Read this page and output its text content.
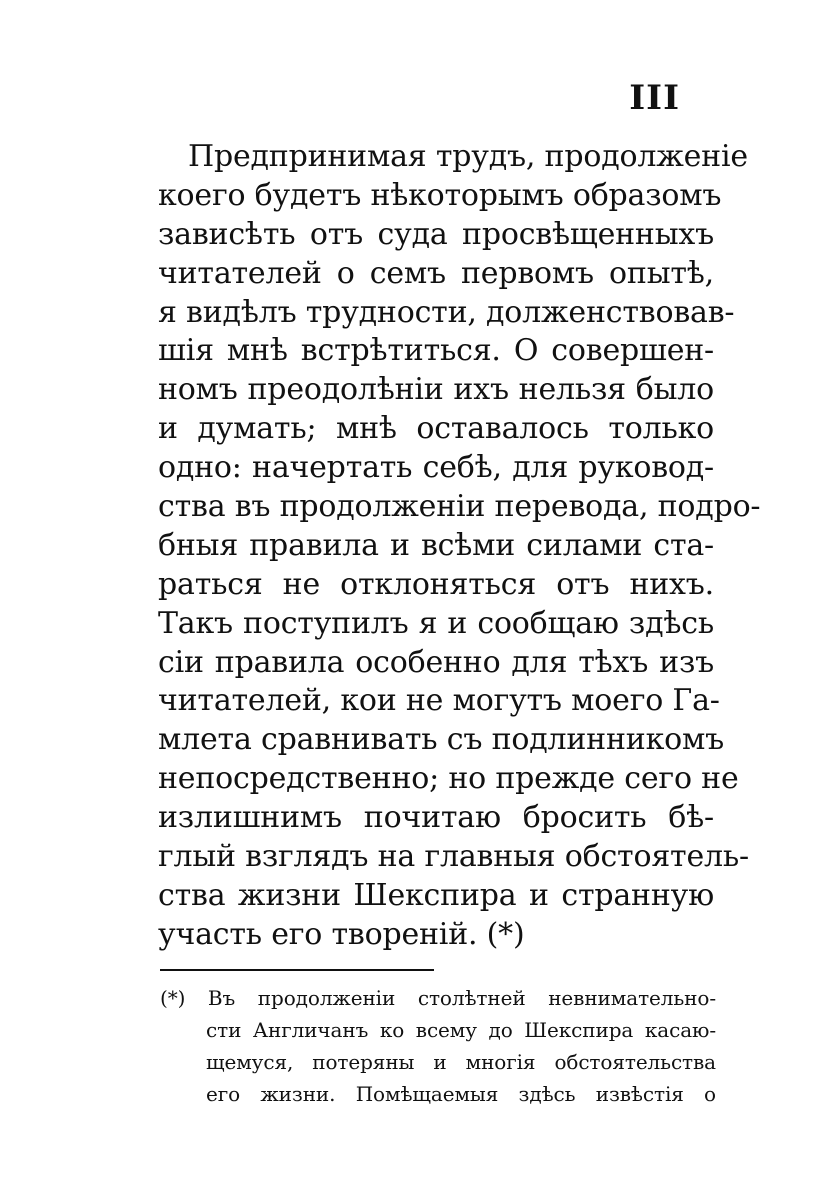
III
Предпринимая трудъ, продолженіе
коего будетъ нѣкоторымъ образомъ
зависѣть отъ суда просвѣщенныхъ
читателей о семъ первомъ опытѣ,
я видѣлъ трудности, долженствовав-
шія мнѣ встрѣтиться. О совершен-
номъ преодолѣніи ихъ нельзя было
и думать; мнѣ оставалось только
одно: начертать себѣ, для руковод-
ства въ продолженіи перевода, подро-
бныя правила и всѣми силами ста-
раться не отклоняться отъ нихъ.
Такъ поступилъ я и сообщаю здѣсь
сіи правила особенно для тѣхъ изъ
читателей, кои не могутъ моего Га-
млета сравнивать съ подлинникомъ
непосредственно; но прежде сего не
излишнимъ почитаю бросить бѣ-
глый взглядъ на главныя обстоятель-
ства жизни Шекспира и странную
участь его твореній. (*)
(*) Въ продолженіи столѣтней невнимательно-
сти Англичанъ ко всему до Шекспира касаю-
щемуся, потеряны и многія обстоятельства
его жизни. Помѣщаемыя здѣсь извѣстія о
